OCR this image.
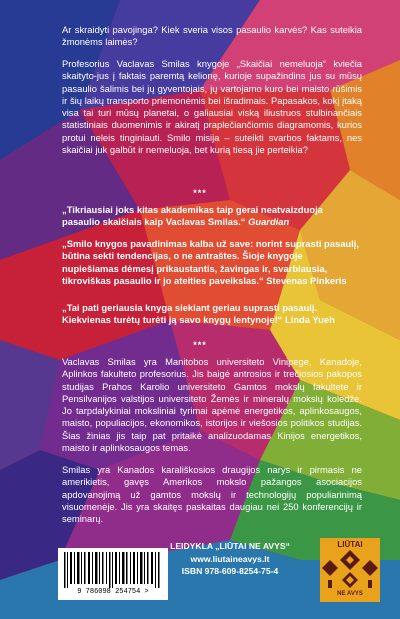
Ar skraidyti pavojinga? Kiek sveria visos pasaulio karvės? Kas suteikia žmonėms laimės?
Profesorius Vaclavas Smilas knygoje „Skaičiai nemeluoja“ kviečia skaityto-jus į faktais paremtą kelionę, kurioje supažindins jus su mūsų pasaulio šalimis bei jų gyventojais, jų vartojamo kuro bei maisto rūšimis ir šių laikų transporto priemonėmis bei išradimais. Papasakos, kokį įtaką visa tai turi mūsų planetai, o galiausiai viską iliustruos stulbinančiais statistiniais duomenimis ir akiratį praplečiančiomis diagramomis, kurios protui neleis tinginiauti. Smilo misija – suteikti svarbos faktams, nes skaičiai juk galbūt ir nemeluoja, bet kurią tiesą jie perteikia?
***
„Tikriausiai joks kitas akademikas taip gerai neatvaizduoja pasaulio skaičiais kaip Vaclavas Smilas.“ Guardian
„Smilo knygos pavadinimas kalba už save: norint suprasti pasaulį, būtina sekti tendencijas, o ne antraštes. Šioje knygoje nupiešiamas dėmesį prikaustantis, žavingas ir, svarbiausia, tikroviškas pasaulio ir jo ateities paveikslas.“ Stevenas Pinkeris
„Tai pati geriausia knyga siekiant geriau suprasti pasaulį. Kiekvienas turėtų turėti ją savo knygų lentynoje!“ Linda Yueh
***
Vaclavas Smilas yra Manitobos universiteto Vinipege, Kanadoje, Aplinkos fakulteto profesorius. Jis baigė antrosios ir trečiosios pakopos studijas Prahos Karolio universiteto Gamtos mokslų fakultete ir Pensilvanijos valstijos universiteto Žemės ir mineralų mokslų koledže. Jo tarpdalykiniai moksliniai tyrimai apėmė energetikos, aplinkosaugos, maisto, populiacijos, ekonomikos, istorijos ir viešosios politikos studijas. Šias žinias jis taip pat pritaikė analizuodamas Kinijos energetikos, maisto ir aplinkosaugos temas.
Smilas yra Kanados karališkosios draugijos narys ir pirmasis ne amerikietis, gavęs Amerikos mokslo pažangos asociacijos apdovanojimą už gamtos mokslų ir technologijų populiarinimą visuomenėje. Jis yra skaitęs paskaitas daugiau nei 250 konferencijų ir seminarų.
9 786098 254754 >
LEIDYKLA „LIŪTAI NE AVYS“
www.liutaineavys.lt
ISBN 978-609-8254-75-4
LIŪTAI
NE AVYS
